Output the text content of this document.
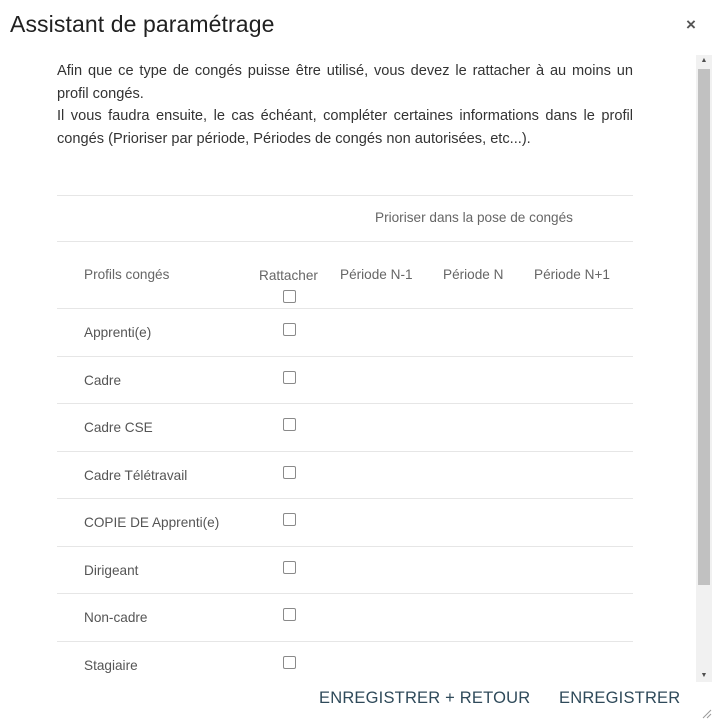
Assistant de paramétrage	×

Afin que ce type de congés puisse être utilisé, vous devez le rattacher à au moins un profil congés.

Il vous faudra ensuite, le cas échéant, compléter certaines informations dans le profil congés (Prioriser par période, Périodes de congés non autorisées, etc...).

Prioriser dans la pose de congés
Profils congés	Rattacher Période N-1 Période N Période N+1
Apprenti(e)
Cadre
Cadre CSE
Cadre Télétravail
COPIE DE Apprenti(e)
Dirigeant
Non-cadre
Stagiaire
▲
▼
ENREGISTRER + RETOUR ENREGISTRER
